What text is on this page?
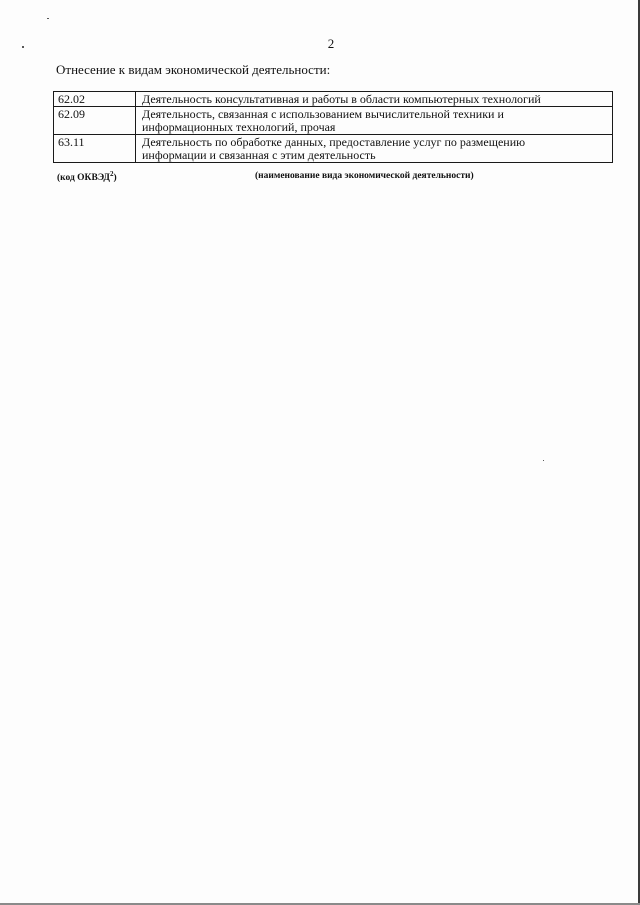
2
Отнесение к видам экономической деятельности:
62.02	Деятельность консультативная и работы в области компьютерных технологий

62.09	Деятельность, связанная с использованием вычислительной техники и
информационных технологий, прочая

63.11	Деятельность по обработке данных, предоставление услуг по размещению
информации и связанная с этим деятельность
(код ОКВЭД$^2$)	(наименование вида экономической деятельности)
